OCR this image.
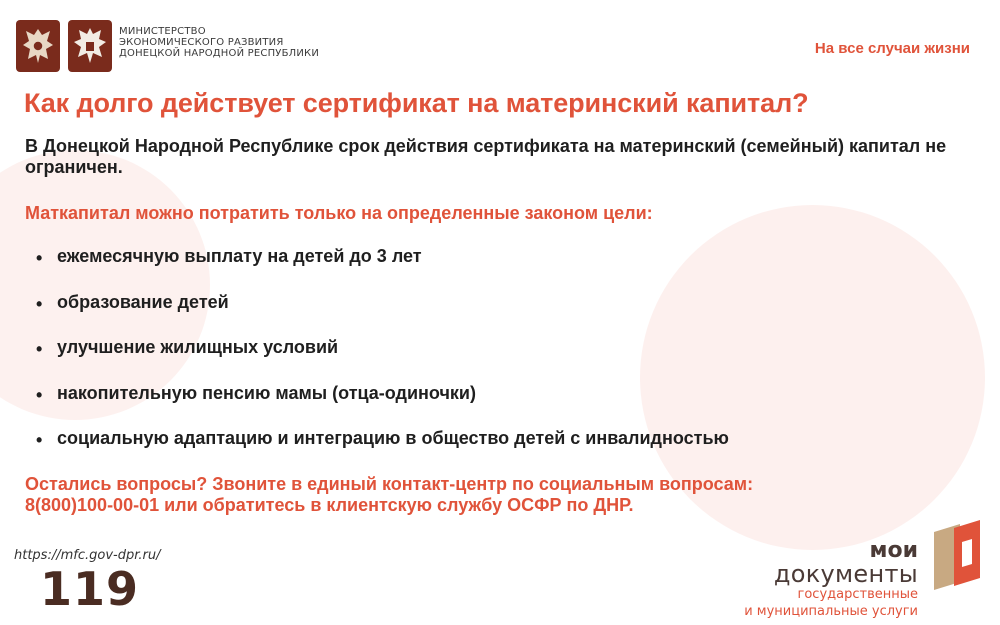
МИНИСТЕРСТВО
ЭКОНОМИЧЕСКОГО РАЗВИТИЯ
ДОНЕЦКОЙ НАРОДНОЙ РЕСПУБЛИКИ	На все случаи жизни
Как долго действует сертификат на материнский капитал?

В Донецкой Народной Республике срок действия сертификата на материнский (семейный) капитал не ограничен.

Маткапитал можно потратить только на определенные законом цели:

• ежемесячную выплату на детей до 3 лет
• образование детей
• улучшение жилищных условий
• накопительную пенсию мамы (отца-одиночки)
• социальную адаптацию и интеграцию в общество детей с инвалидностью
Остались вопросы? Звоните в единый контакт-центр по социальным вопросам:
8(800)100-00-01 или обратитесь в клиентскую службу ОСФР по ДНР.
https://mfc.gov-dpr.ru/
119
мои
документы
государственные
и муниципальные услуги
